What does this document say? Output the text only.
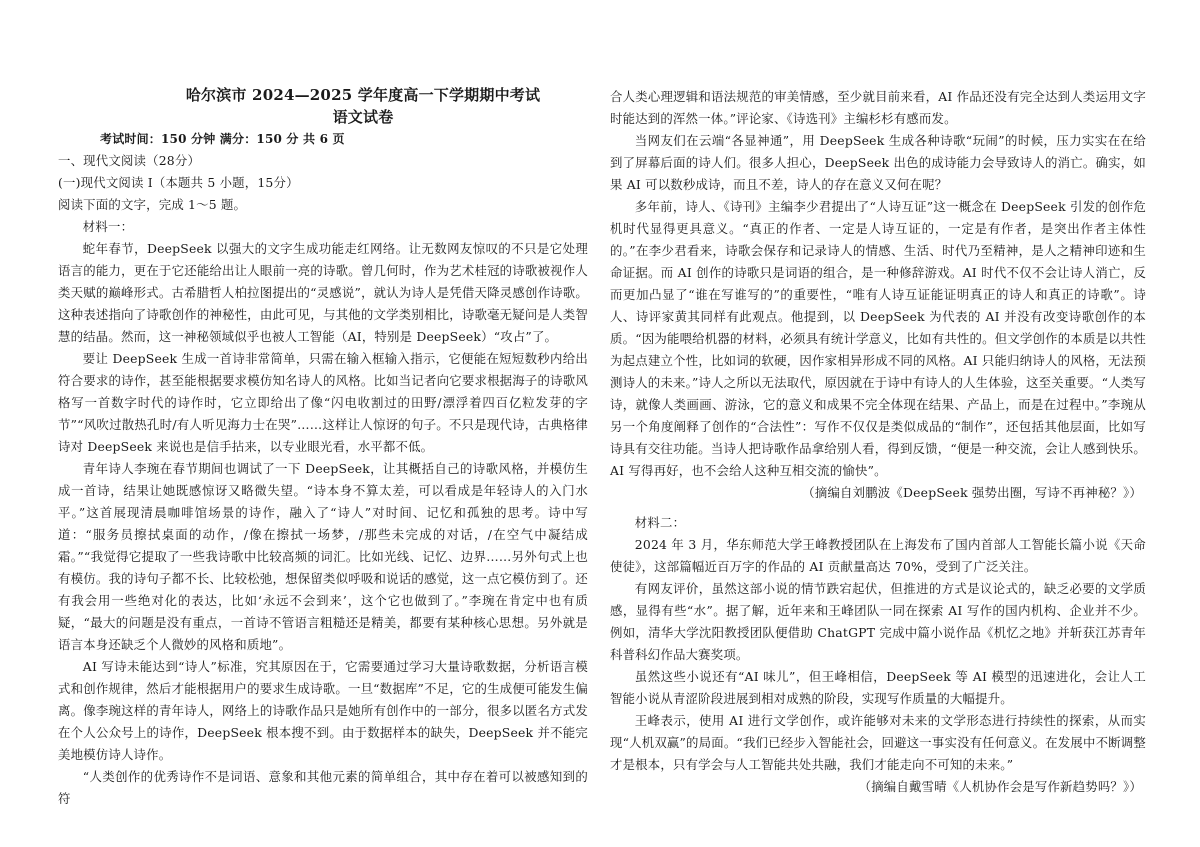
哈尔滨市 2024—2025 学年度高一下学期期中考试

语文试卷

考试时间：150 分钟 满分：150 分 共 6 页

一、现代文阅读（28分）

(一)现代文阅读 I（本题共 5 小题，15分）

阅读下面的文字，完成 1～5 题。

材料一：

蛇年春节，DeepSeek 以强大的文字生成功能走红网络。让无数网友惊叹的不只是它处理语言的能力，更在于它还能给出让人眼前一亮的诗歌。曾几何时，作为艺术桂冠的诗歌被视作人类天赋的巅峰形式。古希腊哲人柏拉图提出的“灵感说”，就认为诗人是凭借天降灵感创作诗歌。这种表述指向了诗歌创作的神秘性，由此可见，与其他的文学类别相比，诗歌毫无疑问是人类智慧的结晶。然而，这一神秘领域似乎也被人工智能（AI，特别是 DeepSeek）“攻占”了。

要让 DeepSeek 生成一首诗非常简单，只需在输入框输入指示，它便能在短短数秒内给出符合要求的诗作，甚至能根据要求模仿知名诗人的风格。比如当记者向它要求根据海子的诗歌风格写一首数字时代的诗作时，它立即给出了像“闪电收割过的田野/漂浮着四百亿粒发芽的字节”“风吹过散热孔时/有人听见海力士在哭”……这样让人惊讶的句子。不只是现代诗，古典格律诗对 DeepSeek 来说也是信手拈来，以专业眼光看，水平都不低。

青年诗人李琬在春节期间也调试了一下 DeepSeek，让其概括自己的诗歌风格，并模仿生成一首诗，结果让她既感惊讶又略微失望。“诗本身不算太差，可以看成是年轻诗人的入门水平。”这首展现清晨咖啡馆场景的诗作，融入了“诗人”对时间、记忆和孤独的思考。诗中写道：“服务员擦拭桌面的动作，/像在擦拭一场梦，/那些未完成的对话，/在空气中凝结成霜。”“我觉得它提取了一些我诗歌中比较高频的词汇。比如光线、记忆、边界……另外句式上也有模仿。我的诗句子都不长、比较松弛，想保留类似呼吸和说话的感觉，这一点它模仿到了。还有我会用一些绝对化的表达，比如‘永远不会到来’，这个它也做到了。”李琬在肯定中也有质疑，“最大的问题是没有重点，一首诗不管语言粗糙还是精美，都要有某种核心思想。另外就是语言本身还缺乏个人微妙的风格和质地”。

AI 写诗未能达到“诗人”标准，究其原因在于，它需要通过学习大量诗歌数据，分析语言模式和创作规律，然后才能根据用户的要求生成诗歌。一旦“数据库”不足，它的生成便可能发生偏离。像李琬这样的青年诗人，网络上的诗歌作品只是她所有创作中的一部分，很多以匿名方式发在个人公众号上的诗作，DeepSeek 根本搜不到。由于数据样本的缺失，DeepSeek 并不能完美地模仿诗人诗作。

“人类创作的优秀诗作不是词语、意象和其他元素的简单组合，其中存在着可以被感知到的符

合人类心理逻辑和语法规范的审美情感，至少就目前来看，AI 作品还没有完全达到人类运用文字时能达到的浑然一体。”评论家、《诗选刊》主编杉杉有感而发。

当网友们在云端“各显神通”，用 DeepSeek 生成各种诗歌“玩闹”的时候，压力实实在在给到了屏幕后面的诗人们。很多人担心，DeepSeek 出色的成诗能力会导致诗人的消亡。确实，如果 AI 可以数秒成诗，而且不差，诗人的存在意义又何在呢？

多年前，诗人、《诗刊》主编李少君提出了“人诗互证”这一概念在 DeepSeek 引发的创作危机时代显得更具意义。“真正的作者、一定是人诗互证的，一定是有作者，是突出作者主体性的。”在李少君看来，诗歌会保存和记录诗人的情感、生活、时代乃至精神，是人之精神印迹和生命证据。而 AI 创作的诗歌只是词语的组合，是一种修辞游戏。AI 时代不仅不会让诗人消亡，反而更加凸显了“谁在写谁写的”的重要性，“唯有人诗互证能证明真正的诗人和真正的诗歌”。诗人、诗评家黄其同样有此观点。他提到，以 DeepSeek 为代表的 AI 并没有改变诗歌创作的本质。“因为能喂给机器的材料，必须具有统计学意义，比如有共性的。但文学创作的本质是以共性为起点建立个性，比如词的软硬，因作家相异形成不同的风格。AI 只能归纳诗人的风格，无法预测诗人的未来。”诗人之所以无法取代，原因就在于诗中有诗人的人生体验，这至关重要。“人类写诗，就像人类画画、游泳，它的意义和成果不完全体现在结果、产品上，而是在过程中。”李琬从另一个角度阐释了创作的“合法性”：写作不仅仅是类似成品的“制作”，还包括其他层面，比如写诗具有交往功能。当诗人把诗歌作品拿给别人看，得到反馈，“便是一种交流，会让人感到快乐。AI 写得再好，也不会给人这种互相交流的愉快”。

（摘编自刘鹏波《DeepSeek 强势出圈，写诗不再神秘？》）

材料二：

2024 年 3 月，华东师范大学王峰教授团队在上海发布了国内首部人工智能长篇小说《天命使徒》，这部篇幅近百万字的作品的 AI 贡献量高达 70%，受到了广泛关注。

有网友评价，虽然这部小说的情节跌宕起伏，但推进的方式是议论式的，缺乏必要的文学质感，显得有些“水”。据了解，近年来和王峰团队一同在探索 AI 写作的国内机构、企业并不少。例如，清华大学沈阳教授团队便借助 ChatGPT 完成中篇小说作品《机忆之地》并斩获江苏青年科普科幻作品大赛奖项。

虽然这些小说还有“AI 味儿”，但王峰相信，DeepSeek 等 AI 模型的迅速进化，会让人工智能小说从青涩阶段进展到相对成熟的阶段，实现写作质量的大幅提升。

王峰表示，使用 AI 进行文学创作，或许能够对未来的文学形态进行持续性的探索，从而实现“人机双赢”的局面。“我们已经步入智能社会，回避这一事实没有任何意义。在发展中不断调整才是根本，只有学会与人工智能共处共融，我们才能走向不可知的未来。”

（摘编自戴雪晴《人机协作会是写作新趋势吗？》）
